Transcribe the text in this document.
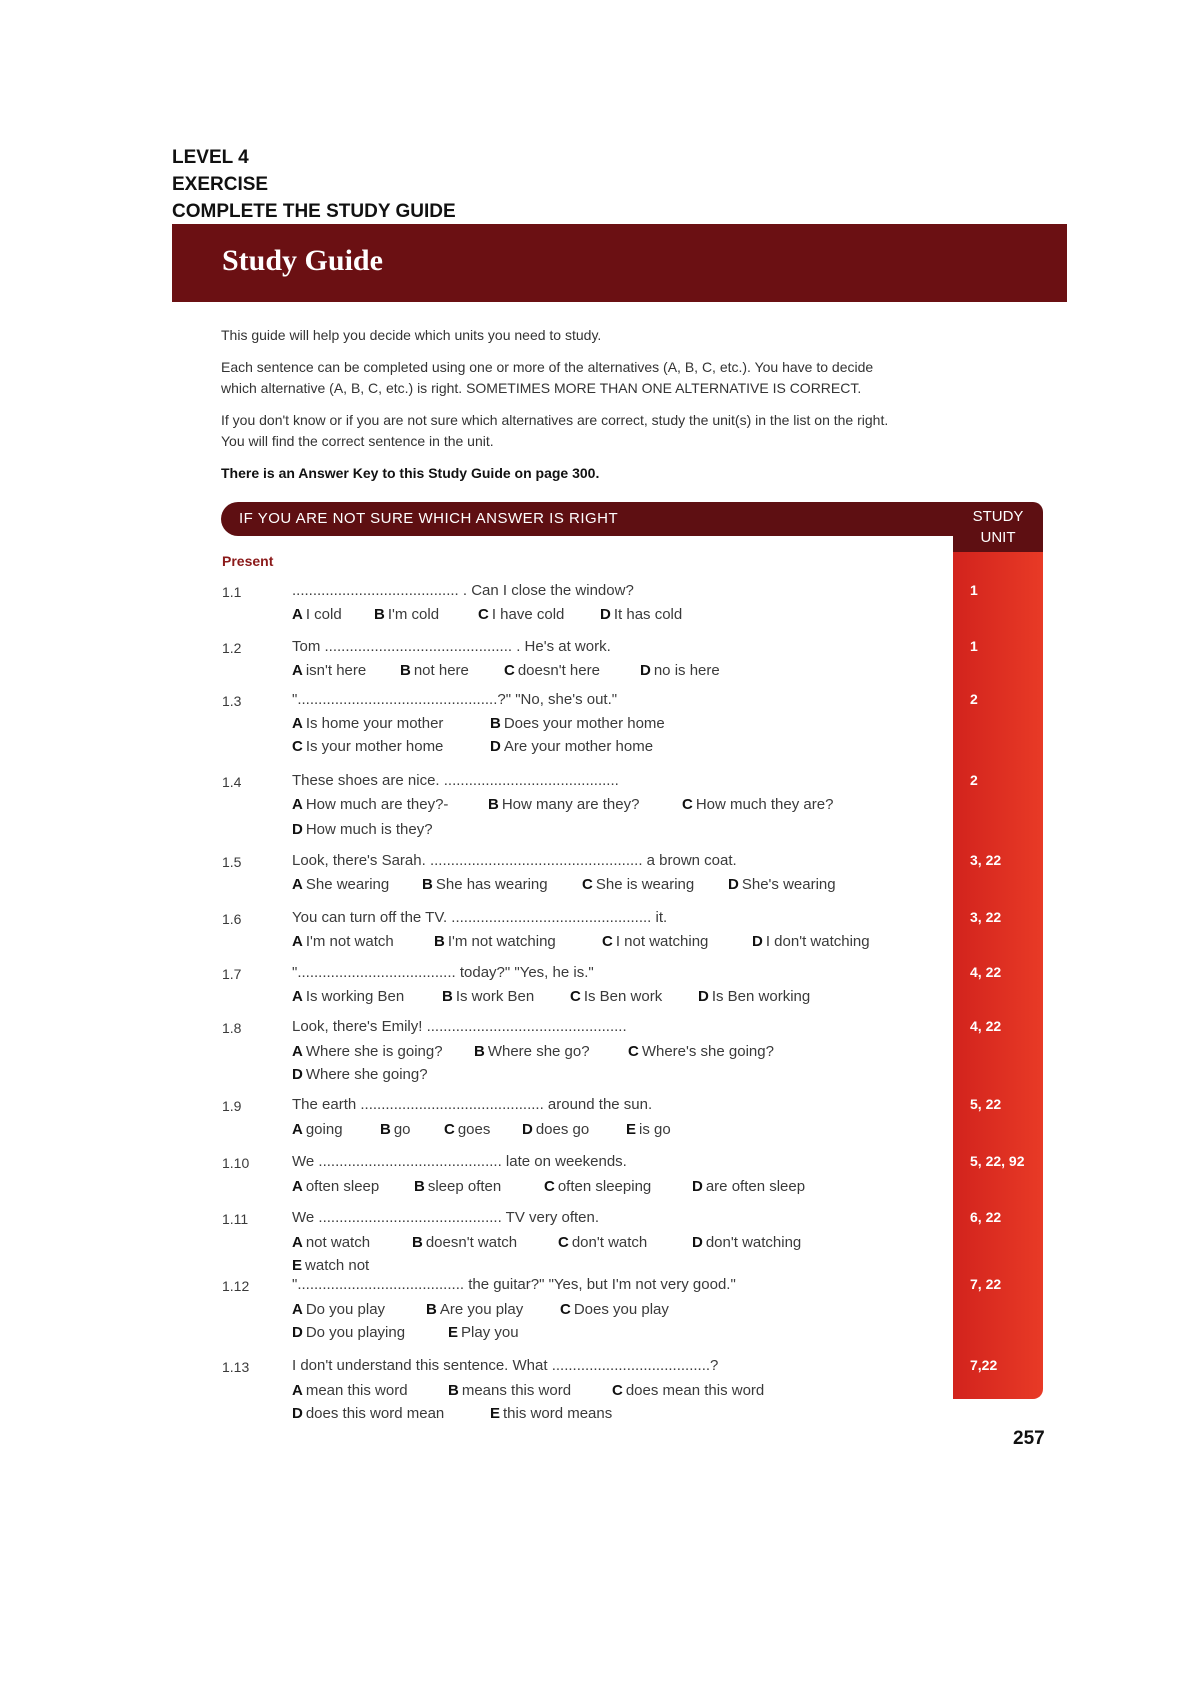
LEVEL 4
EXERCISE
COMPLETE THE STUDY GUIDE
Study Guide

This guide will help you decide which units you need to study.

Each sentence can be completed using one or more of the alternatives (A, B, C, etc.). You have to decide
which alternative (A, B, C, etc.) is right. SOMETIMES MORE THAN ONE ALTERNATIVE IS CORRECT.

If you don't know or if you are not sure which alternatives are correct, study the unit(s) in the list on the right.
You will find the correct sentence in the unit.

There is an Answer Key to this Study Guide on page 300.

IF YOU ARE NOT SURE WHICH ANSWER IS RIGHT	STUDY
UNIT
Present
1.1	........................................ . Can I close the window?	1
A I cold B I'm cold	C I have cold D It has cold
1.2	Tom ............................................. . He's at work.	1
A isn't here B not here C doesn't here	D no is here
1.3	"................................................?" "No, she's out."	2
A Is home your mother	B Does your mother home
C Is your mother home	D Are your mother home
1.4	These shoes are nice. ..........................................	2
A How much are they?-	B How many are they?	C How much they are?
D How much is they?
1.5	Look, there's Sarah. ................................................... a brown coat.	3, 22
A She wearing B She has wearing C She is wearing D She's wearing
1.6	You can turn off the TV. ................................................ it.	3, 22
A I'm not watch	B I'm not watching	C I not watching	D I don't watching
1.7	"...................................... today?" "Yes, he is."	4, 22
A Is working Ben	B Is work Ben C Is Ben work D Is Ben working
1.8	Look, there's Emily! ................................................	4, 22
A Where she is going? B Where she go?	C Where's she going?
D Where she going?
1.9	The earth ............................................ around the sun.	5, 22
A going B go C goes D does go E is go
1.10	We ............................................ late on weekends.	5, 22, 92
A often sleep B sleep often	C often sleeping	D are often sleep
1.11	We ............................................ TV very often.	6, 22
A not watch	B doesn't watch	C don't watch	D don't watching
E watch not
1.12	"........................................ the guitar?" "Yes, but I'm not very good."	7, 22
A Do you play	B Are you play C Does you play
D Do you playing	E Play you
1.13	I don't understand this sentence. What ......................................?	7,22
A mean this word	B means this word	C does mean this word
D does this word mean	E this word means
257
